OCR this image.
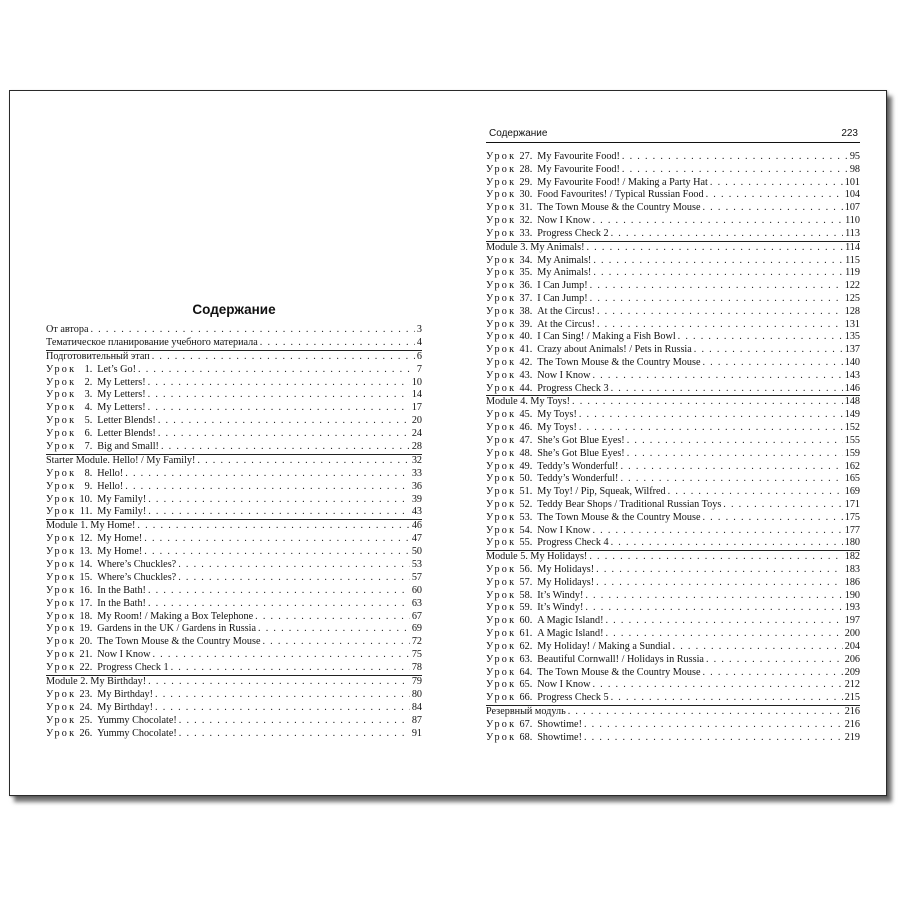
Содержание
От автора . . .	3
Тематическое планирование учебного материала . . .	4
Подготовительный этап . . .	6
Урок 1. Let’s Go! . . .	7
Урок 2. My Letters! . . .	10
Урок 3. My Letters! . . .	14
Урок 4. My Letters! . . .	17
Урок 5. Letter Blends! . . .	20
Урок 6. Letter Blends! . . .	24
Урок 7. Big and Small! . . .	28
Starter Module. Hello! / My Family! . . .	32
Урок 8. Hello! . . .	33
Урок 9. Hello! . . .	36
Урок 10. My Family! . . .	39
Урок 11. My Family! . . .	43
Module 1. My Home! . . .	46
Урок 12. My Home! . . .	47
Урок 13. My Home! . . .	50
Урок 14. Where’s Chuckles? . . .	53
Урок 15. Where’s Chuckles? . . .	57
Урок 16. In the Bath! . . .	60
Урок 17. In the Bath! . . .	63
Урок 18. My Room! / Making a Box Telephone . . .	67
Урок 19. Gardens in the UK / Gardens in Russia . . .	69
Урок 20. The Town Mouse & the Country Mouse . . .	72
Урок 21. Now I Know . . .	75
Урок 22. Progress Check 1 . . .	78
Module 2. My Birthday! . . .	79
Урок 23. My Birthday! . . .	80
Урок 24. My Birthday! . . .	84
Урок 25. Yummy Chocolate! . . .	87
Урок 26. Yummy Chocolate! . . .	91
Содержание	223
Урок 27. My Favourite Food! . . .	95
Урок 28. My Favourite Food! . . .	98
Урок 29. My Favourite Food! / Making a Party Hat . . .	101
Урок 30. Food Favourites! / Typical Russian Food . . .	104
Урок 31. The Town Mouse & the Country Mouse . . .	107
Урок 32. Now I Know . . .	110
Урок 33. Progress Check 2 . . .	113
Module 3. My Animals! . . .	114
Урок 34. My Animals! . . .	115
Урок 35. My Animals! . . .	119
Урок 36. I Can Jump! . . .	122
Урок 37. I Can Jump! . . .	125
Урок 38. At the Circus! . . .	128
Урок 39. At the Circus! . . .	131
Урок 40. I Can Sing! / Making a Fish Bowl . . .	135
Урок 41. Crazy about Animals! / Pets in Russia . . .	137
Урок 42. The Town Mouse & the Country Mouse . . .	140
Урок 43. Now I Know . . .	143
Урок 44. Progress Check 3 . . .	146
Module 4. My Toys! . . .	148
Урок 45. My Toys! . . .	149
Урок 46. My Toys! . . .	152
Урок 47. She’s Got Blue Eyes! . . .	155
Урок 48. She’s Got Blue Eyes! . . .	159
Урок 49. Teddy’s Wonderful! . . .	162
Урок 50. Teddy’s Wonderful! . . .	165
Урок 51. My Toy! / Pip, Squeak, Wilfred . . .	169
Урок 52. Teddy Bear Shops / Traditional Russian Toys . . .	171
Урок 53. The Town Mouse & the Country Mouse . . .	175
Урок 54. Now I Know . . .	177
Урок 55. Progress Check 4 . . .	180
Module 5. My Holidays! . . .	182
Урок 56. My Holidays! . . .	183
Урок 57. My Holidays! . . .	186
Урок 58. It’s Windy! . . .	190
Урок 59. It’s Windy! . . .	193
Урок 60. A Magic Island! . . .	197
Урок 61. A Magic Island! . . .	200
Урок 62. My Holiday! / Making a Sundial . . .	204
Урок 63. Beautiful Cornwall! / Holidays in Russia . . .	206
Урок 64. The Town Mouse & the Country Mouse . . .	209
Урок 65. Now I Know . . .	212
Урок 66. Progress Check 5 . . .	215
Резервный модуль . . .	216
Урок 67. Showtime! . . .	216
Урок 68. Showtime! . . .	219
